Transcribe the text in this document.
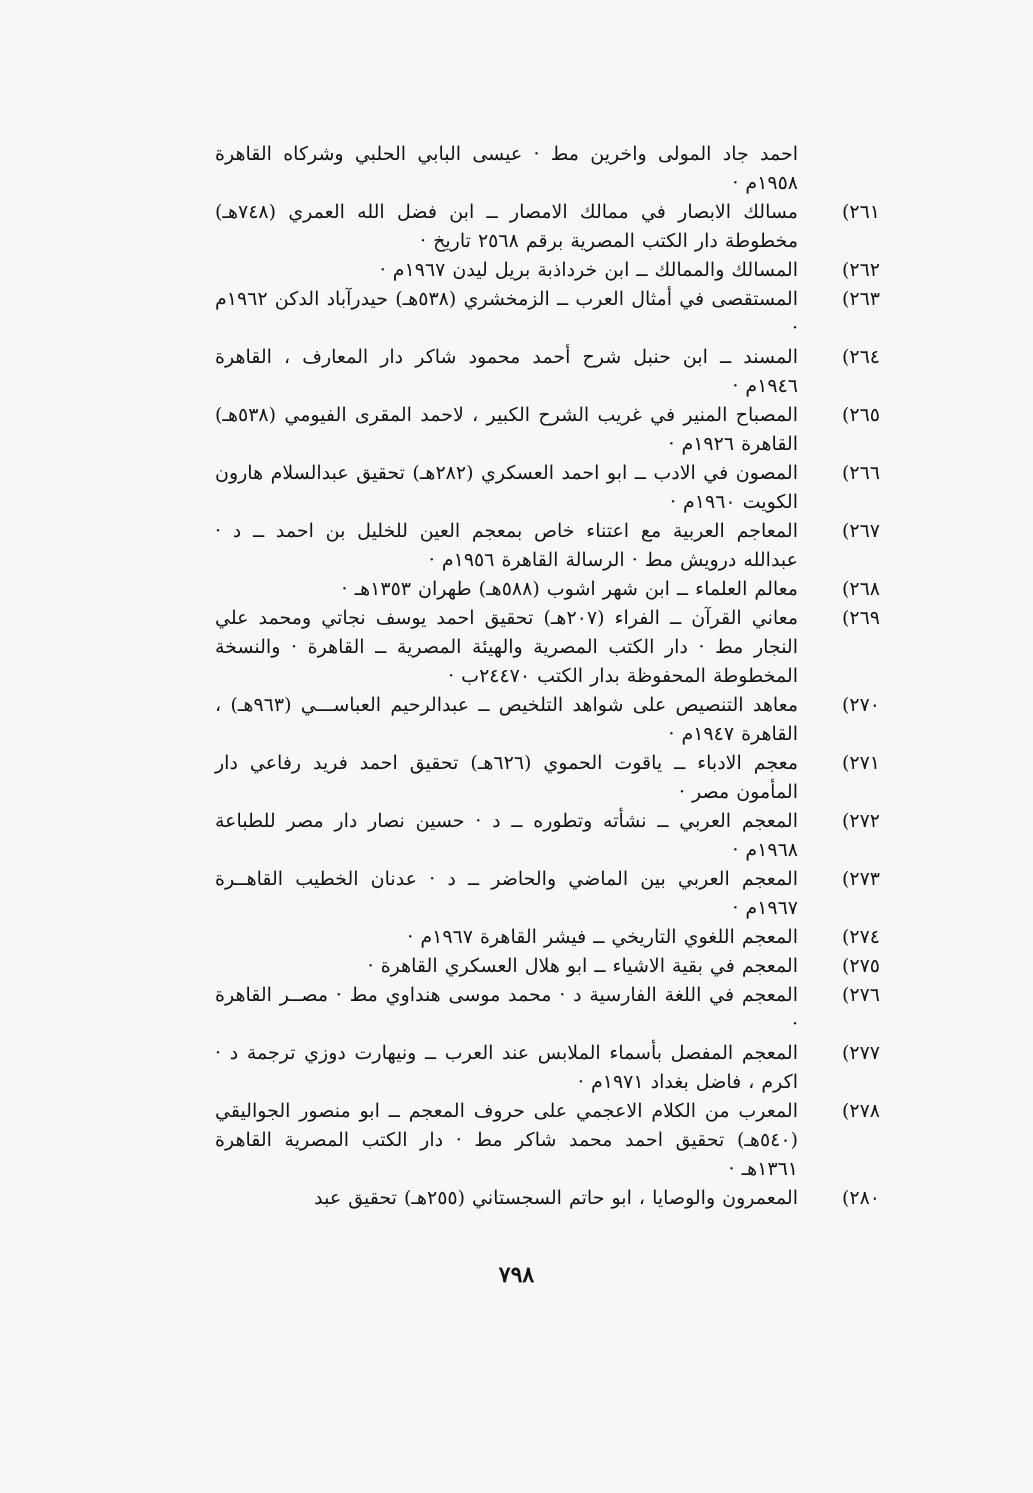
احمد جاد المولى واخرين مط · عيسى البابي الحلبي وشركاه القاهرة ١٩٥٨م ·
٢٦١)
مسالك الابصار في ممالك الامصار ــ ابن فضل الله العمري (٧٤٨هـ) مخطوطة دار الكتب المصرية برقم ٢٥٦٨ تاريخ ·
٢٦٢)
المسالك والممالك ــ ابن خرداذبة بريل ليدن ١٩٦٧م ·
٢٦٣)
المستقصى في أمثال العرب ــ الزمخشري (٥٣٨هـ) حيدرآباد الدكن ١٩٦٢م ·
٢٦٤)
المسند ــ ابن حنبل شرح أحمد محمود شاكر دار المعارف ، القاهرة ١٩٤٦م ·
٢٦٥)
المصباح المنير في غريب الشرح الكبير ، لاحمد المقرى الفيومي (٥٣٨هـ) القاهرة ١٩٢٦م ·
٢٦٦)
المصون في الادب ــ ابو احمد العسكري (٢٨٢هـ) تحقيق عبدالسلام هارون الكويت ١٩٦٠م ·
٢٦٧)
المعاجم العربية مع اعتناء خاص بمعجم العين للخليل بن احمد ــ د · عبدالله درويش مط · الرسالة القاهرة ١٩٥٦م ·
٢٦٨)
معالم العلماء ــ ابن شهر اشوب (٥٨٨هـ) طهران ١٣٥٣هـ ·
٢٦٩)
معاني القرآن ــ الفراء (٢٠٧هـ) تحقيق احمد يوسف نجاتي ومحمد علي النجار مط · دار الكتب المصرية والهيئة المصرية ــ القاهرة · والنسخة المخطوطة المحفوظة بدار الكتب ٢٤٤٧٠ب ·
٢٧٠)
معاهد التنصيص على شواهد التلخيص ــ عبدالرحيم العباســـي (٩٦٣هـ) ، القاهرة ١٩٤٧م ·
٢٧١)
معجم الادباء ــ ياقوت الحموي (٦٢٦هـ) تحقيق احمد فريد رفاعي دار المأمون مصر ·
٢٧٢)
المعجم العربي ــ نشأته وتطوره ــ د · حسين نصار دار مصر للطباعة ١٩٦٨م ·
٢٧٣)
المعجم العربي بين الماضي والحاضر ــ د · عدنان الخطيب القاهــرة ١٩٦٧م ·
٢٧٤)
المعجم اللغوي التاريخي ــ فيشر القاهرة ١٩٦٧م ·
٢٧٥)
المعجم في بقية الاشياء ــ ابو هلال العسكري القاهرة ·
٢٧٦)
المعجم في اللغة الفارسية د · محمد موسى هنداوي مط · مصــر القاهرة ·
٢٧٧)
المعجم المفصل بأسماء الملابس عند العرب ــ ونيهارت دوزي ترجمة د · اكرم ، فاضل بغداد ١٩٧١م ·
٢٧٨)
المعرب من الكلام الاعجمي على حروف المعجم ــ ابو منصور الجواليقي (٥٤٠هـ) تحقيق احمد محمد شاكر مط · دار الكتب المصرية القاهرة ١٣٦١هـ ·
٢٨٠)
المعمرون والوصايا ، ابو حاتم السجستاني (٢٥٥هـ) تحقيق عبد
٧٩٨
